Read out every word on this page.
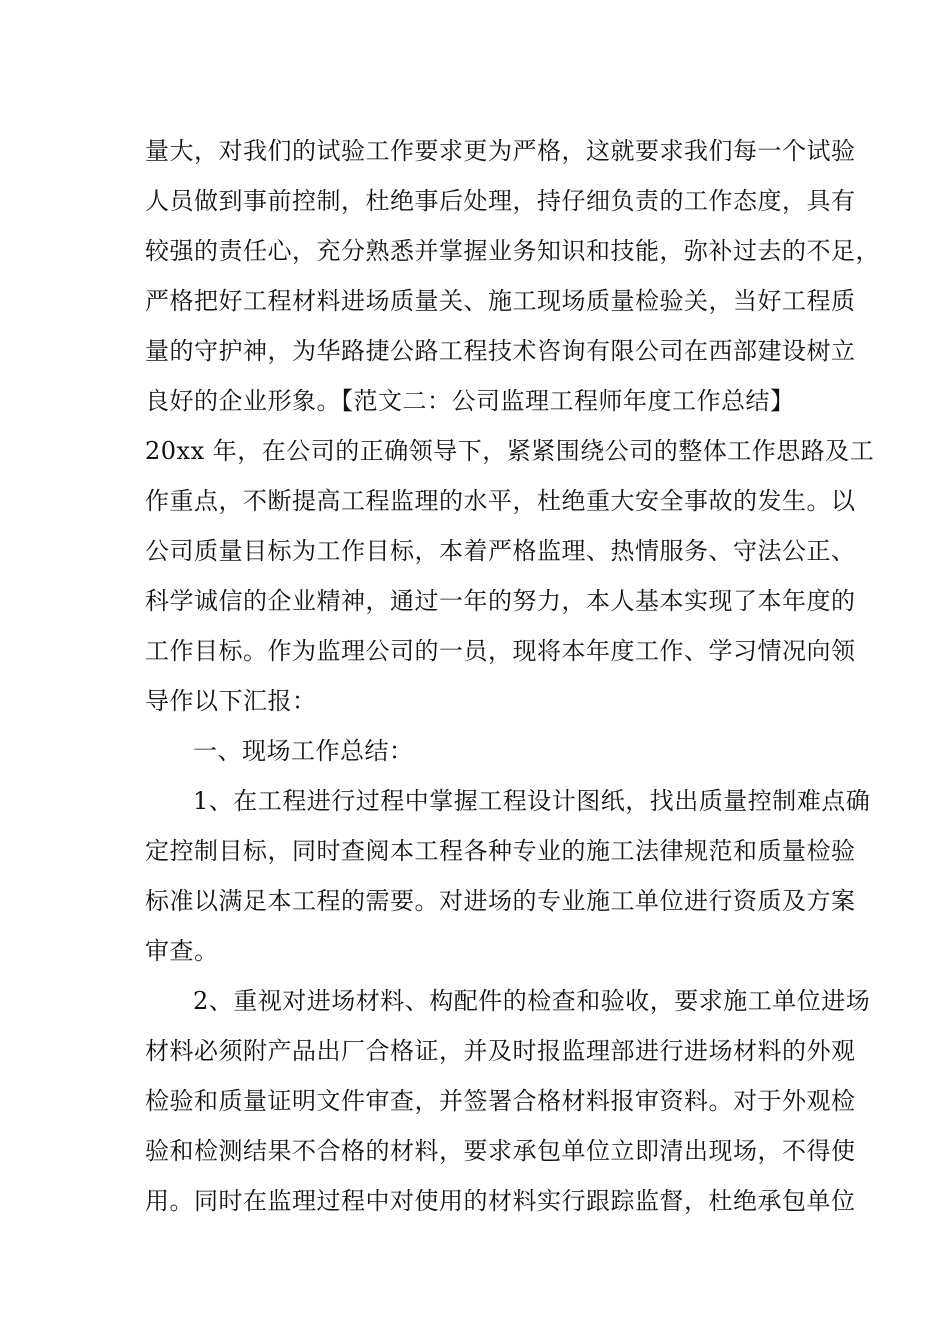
量大，对我们的试验工作要求更为严格，这就要求我们每一个试验
人员做到事前控制，杜绝事后处理，持仔细负责的工作态度，具有
较强的责任心，充分熟悉并掌握业务知识和技能，弥补过去的不足，
严格把好工程材料进场质量关、施工现场质量检验关，当好工程质
量的守护神，为华路捷公路工程技术咨询有限公司在西部建设树立
良好的企业形象。【范文二：公司监理工程师年度工作总结】
20xx 年，在公司的正确领导下，紧紧围绕公司的整体工作思路及工
作重点，不断提高工程监理的水平，杜绝重大安全事故的发生。以
公司质量目标为工作目标，本着严格监理、热情服务、守法公正、
科学诚信的企业精神，通过一年的努力，本人基本实现了本年度的
工作目标。作为监理公司的一员，现将本年度工作、学习情况向领
导作以下汇报：
一、现场工作总结：
1、在工程进行过程中掌握工程设计图纸，找出质量控制难点确
定控制目标，同时查阅本工程各种专业的施工法律规范和质量检验
标准以满足本工程的需要。对进场的专业施工单位进行资质及方案
审查。
2、重视对进场材料、构配件的检查和验收，要求施工单位进场
材料必须附产品出厂合格证，并及时报监理部进行进场材料的外观
检验和质量证明文件审查，并签署合格材料报审资料。对于外观检
验和检测结果不合格的材料，要求承包单位立即清出现场，不得使
用。同时在监理过程中对使用的材料实行跟踪监督，杜绝承包单位
